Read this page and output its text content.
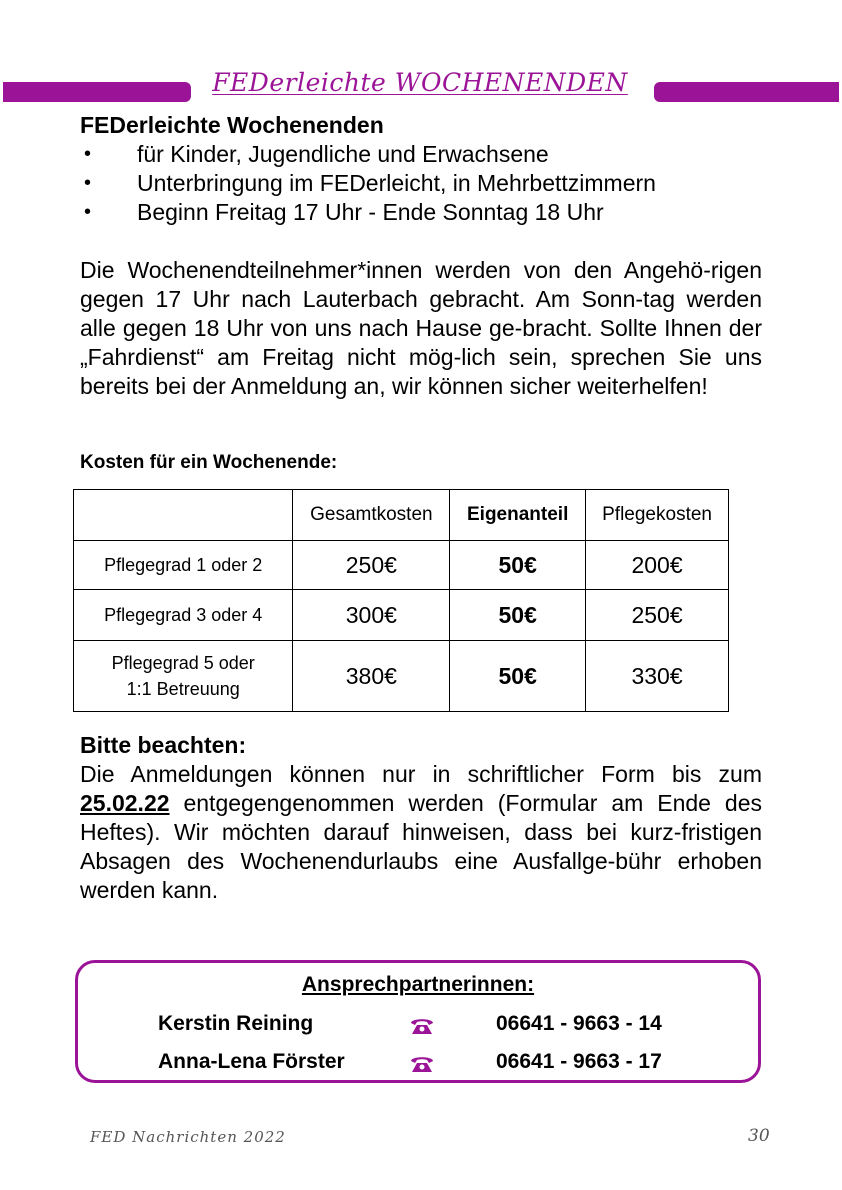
FEDerleichte WOCHENENDEN
FEDerleichte Wochenenden
• für Kinder, Jugendliche und Erwachsene
• Unterbringung im FEDerleicht, in Mehrbettzimmern
• Beginn Freitag 17 Uhr - Ende Sonntag 18 Uhr
Die Wochenendteilnehmer*innen werden von den Angehö-rigen gegen 17 Uhr nach Lauterbach gebracht. Am Sonn-tag werden alle gegen 18 Uhr von uns nach Hause ge-bracht. Sollte Ihnen der „Fahrdienst“ am Freitag nicht mög-lich sein, sprechen Sie uns bereits bei der Anmeldung an, wir können sicher weiterhelfen!
Kosten für ein Wochenende:
	Gesamtkosten	Eigenanteil	Pflegekosten
Pflegegrad 1 oder 2	250€	50€	200€
Pflegegrad 3 oder 4	300€	50€	250€

Pflegegrad 5 oder
1:1 Betreuung	380€	50€	330€
Bitte beachten:
Die Anmeldungen können nur in schriftlicher Form bis zum 25.02.22 entgegengenommen werden (Formular am Ende des Heftes). Wir möchten darauf hinweisen, dass bei kurz-fristigen Absagen des Wochenendurlaubs eine Ausfallge-bühr erhoben werden kann.
Ansprechpartnerinnen:
Kerstin Reining	06641 - 9663 - 14
Anna-Lena Förster	06641 - 9663 - 17
FED Nachrichten 2022	30
